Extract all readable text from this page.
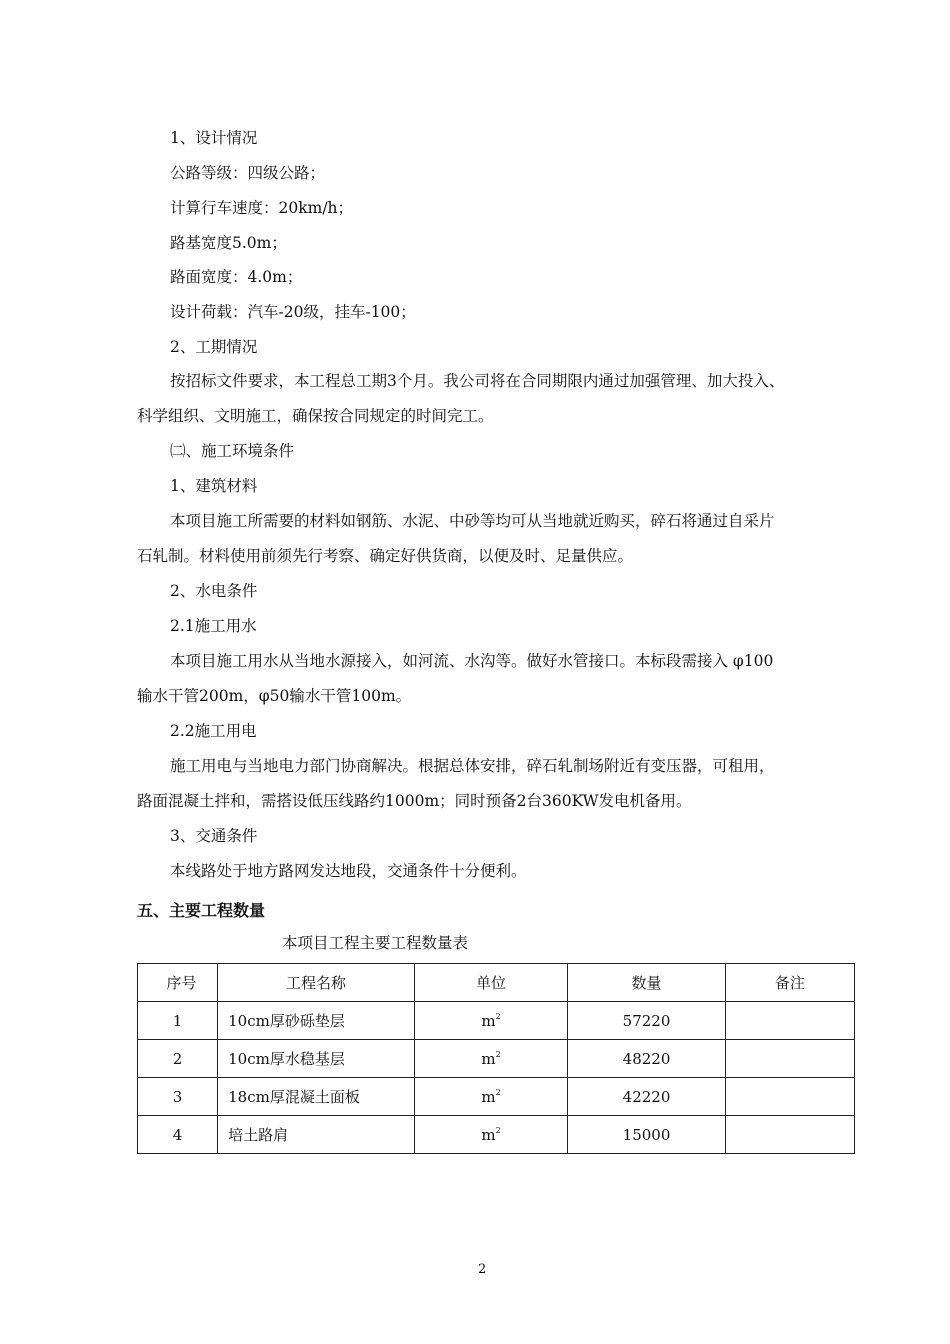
1、设计情况
公路等级：四级公路；
计算行车速度：20km/h；
路基宽度5.0m；
路面宽度：4.0m；
设计荷载：汽车-20级，挂车-100；
2、工期情况
按招标文件要求，本工程总工期3个月。我公司将在合同期限内通过加强管理、加大投入、
科学组织、文明施工，确保按合同规定的时间完工。
㈡、施工环境条件
1、建筑材料
本项目施工所需要的材料如钢筋、水泥、中砂等均可从当地就近购买，碎石将通过自采片
石轧制。材料使用前须先行考察、确定好供货商，以便及时、足量供应。
2、水电条件
2.1施工用水
本项目施工用水从当地水源接入，如河流、水沟等。做好水管接口。本标段需接入 φ100
输水干管200m，φ50输水干管100m。
2.2施工用电
施工用电与当地电力部门协商解决。根据总体安排，碎石轧制场附近有变压器，可租用，
路面混凝土拌和，需搭设低压线路约1000m；同时预备2台360KW发电机备用。
3、交通条件
本线路处于地方路网发达地段，交通条件十分便利。
五、主要工程数量
本项目工程主要工程数量表
序号	工程名称	单位	数量	备注
1	10cm厚砂砾垫层	$m^2$	57220	
2	10cm厚水稳基层	$m^2$	48220	
3	18cm厚混凝土面板	$m^2$	42220	
4	培土路肩	$m^2$	15000	
2
